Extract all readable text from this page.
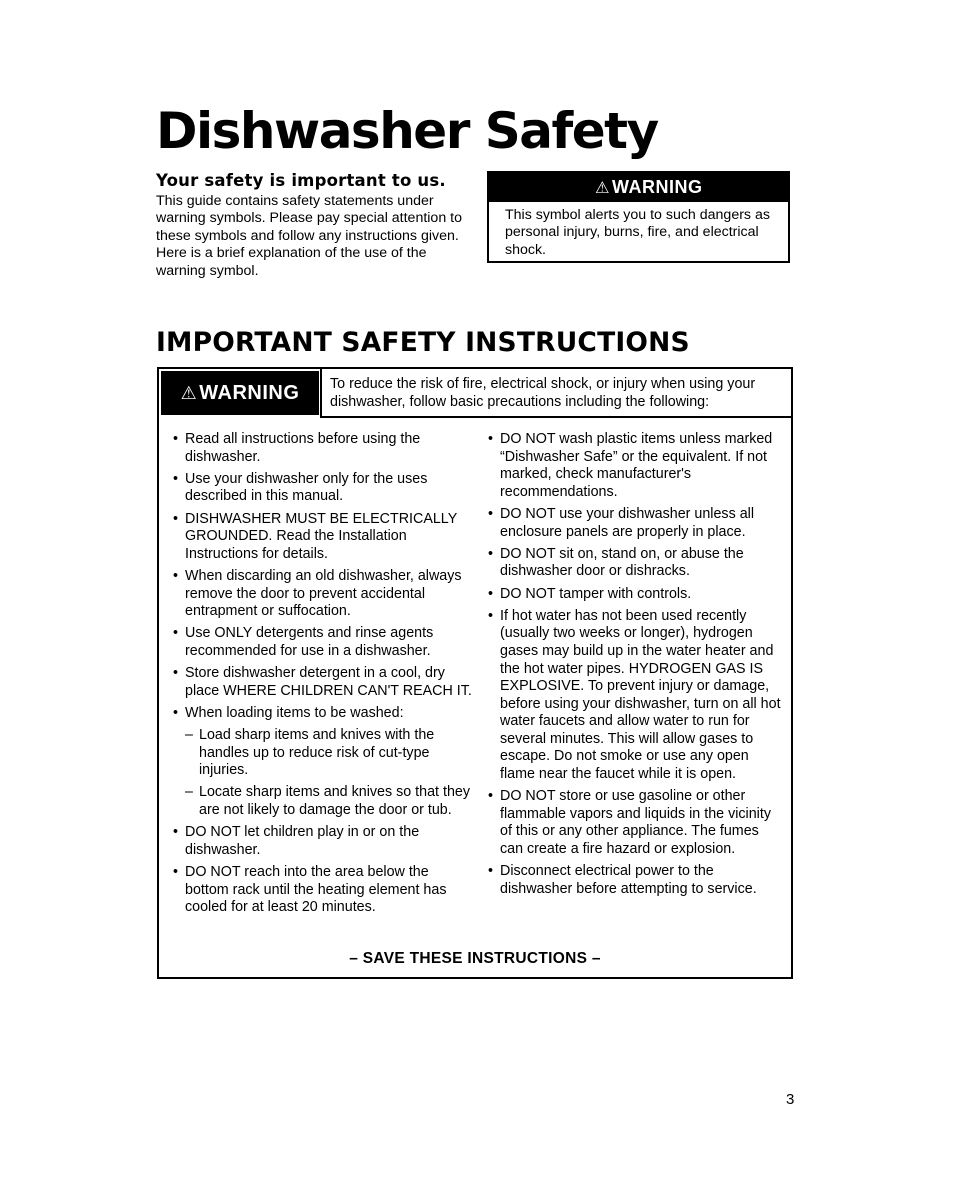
Dishwasher Safety
Your safety is important to us.

This guide contains safety statements under warning symbols. Please pay special attention to these symbols and follow any instructions given. Here is a brief explanation of the use of the warning symbol.

⚠ WARNING

This symbol alerts you to such dangers as personal injury, burns, fire, and electrical shock.

IMPORTANT SAFETY INSTRUCTIONS
⚠ WARNING To reduce the risk of fire, electrical shock, or injury when using your dishwasher, follow basic precautions including the following:

• Read all instructions before using the dishwasher.
• Use your dishwasher only for the uses described in this manual.
• DISHWASHER MUST BE ELECTRICALLY GROUNDED. Read the Installation Instructions for details.
• When discarding an old dishwasher, always remove the door to prevent accidental entrapment or suffocation.
• Use ONLY detergents and rinse agents recommended for use in a dishwasher.
• Store dishwasher detergent in a cool, dry place WHERE CHILDREN CAN'T REACH IT.
• When loading items to be washed:
– Load sharp items and knives with the handles up to reduce risk of cut-type injuries.
– Locate sharp items and knives so that they are not likely to damage the door or tub.
• DO NOT let children play in or on the dishwasher.
• DO NOT reach into the area below the bottom rack until the heating element has cooled for at least 20 minutes.
• DO NOT wash plastic items unless marked “Dishwasher Safe” or the equivalent. If not marked, check manufacturer's recommendations.
• DO NOT use your dishwasher unless all enclosure panels are properly in place.
• DO NOT sit on, stand on, or abuse the dishwasher door or dishracks.
• DO NOT tamper with controls.
• If hot water has not been used recently (usually two weeks or longer), hydrogen gases may build up in the water heater and the hot water pipes. HYDROGEN GAS IS EXPLOSIVE. To prevent injury or damage, before using your dishwasher, turn on all hot water faucets and allow water to run for several minutes. This will allow gases to escape. Do not smoke or use any open flame near the faucet while it is open.
• DO NOT store or use gasoline or other flammable vapors and liquids in the vicinity of this or any other appliance. The fumes can create a fire hazard or explosion.
• Disconnect electrical power to the dishwasher before attempting to service.

– SAVE THESE INSTRUCTIONS –

3
